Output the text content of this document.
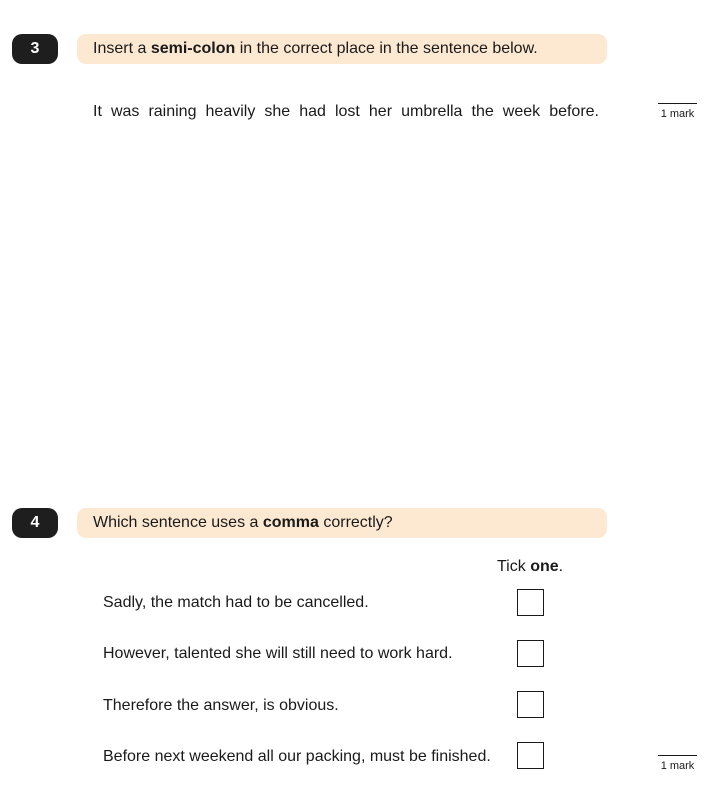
3	Insert a semi-colon in the correct place in the sentence below.
It was raining heavily she had lost her umbrella the week before.	1 mark
4	Which sentence uses a comma correctly?
Tick one.
Sadly, the match had to be cancelled.
However, talented she will still need to work hard.
Therefore the answer, is obvious.
Before next weekend all our packing, must be finished.
1 mark
